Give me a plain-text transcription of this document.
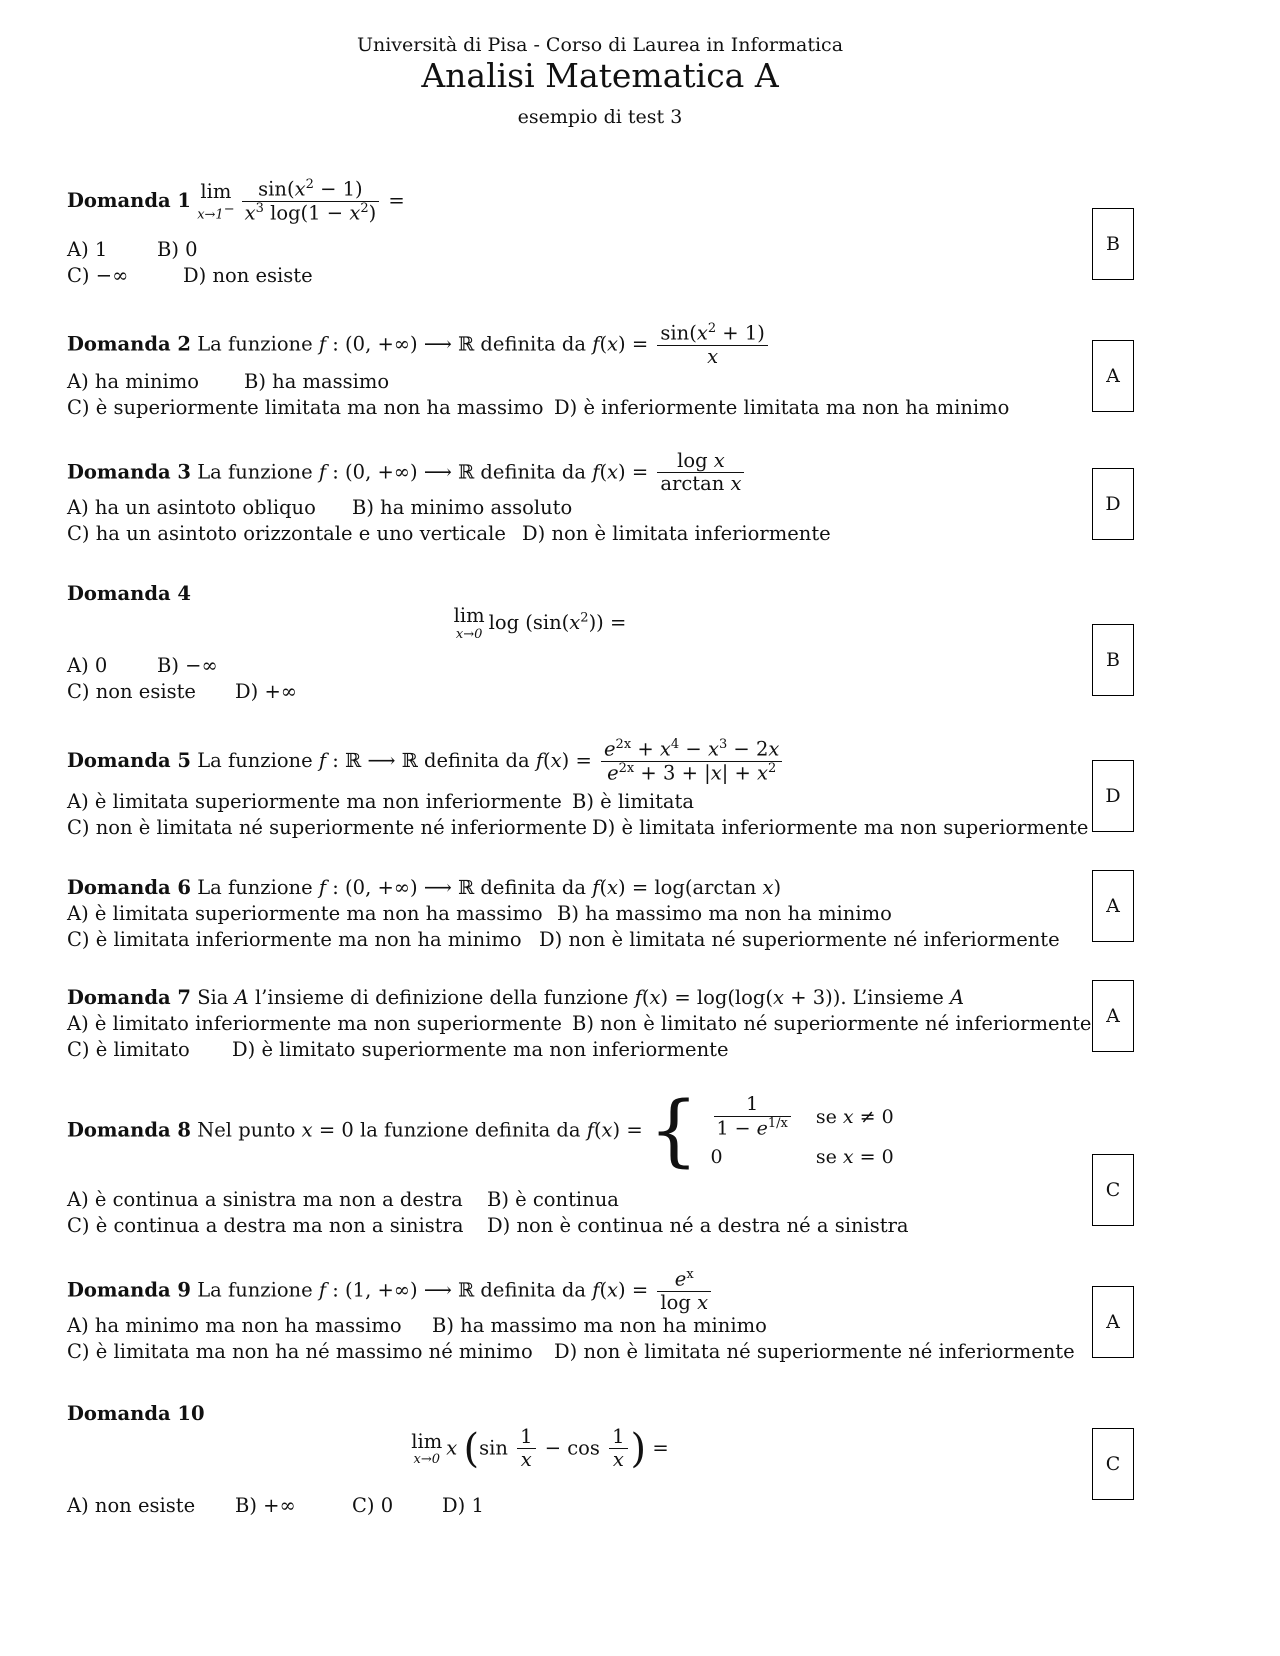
Università di Pisa - Corso di Laurea in Informatica
Analisi Matematica A
esempio di test 3
Domanda 1 lim
$x\to 1^- \frac{\sin(x^2 - 1)}{x^3 \log(1 - x^2)}$ =
A) 1	B) 0
C) −∞	D) non esiste
B
Domanda 2 La funzione f : (0, +∞) ⟶ ℝ definita da $f(x) = \frac{\sin(x^2 + 1)}{x}$
A) ha minimo B) ha massimo
C) è superiormente limitata ma non ha massimo D) è inferiormente limitata ma non ha minimo
A
Domanda 3 La funzione f : (0, +∞) ⟶ ℝ definita da $f(x) = \frac{\text{log x}}{\text{arctan x}}$
A) ha un asintoto obliquo B) ha minimo assoluto
C) ha un asintoto orizzontale e uno verticale D) non è limitata inferiormente
D
Domanda 4
lim
x→0
$\log (\sin(x^2))$ =
A) 0	B) −∞
C) non esiste D) +∞
B
Domanda 5 La funzione f : ℝ ⟶ ℝ definita da $f(x) = \frac{e^{2x} + x^4 - x^3 - 2x}{e^{2x} + 3 + |x| + x^2}$
A) è limitata superiormente ma non inferiormente B) è limitata
C) non è limitata né superiormente né inferiormente D) è limitata inferiormente ma non superiormente
D
Domanda 6 La funzione f : (0, +∞) ⟶ ℝ definita da f(x) = log(arctan x)
A) è limitata superiormente ma non ha massimo B) ha massimo ma non ha minimo
C) è limitata inferiormente ma non ha minimo D) non è limitata né superiormente né inferiormente
A
Domanda 7 Sia A l’insieme di definizione della funzione f(x) = log(log(x + 3)). L’insieme A
A) è limitato inferiormente ma non superiormente B) non è limitato né superiormente né inferiormente
C) è limitato D) è limitato superiormente ma non inferiormente
A
Domanda 8 Nel punto x = 0 la funzione definita da f(x) = { $\frac{1}{1 - e^{1/x}}$	se x ≠ 0
0	se x = 0
A) è continua a sinistra ma non a destra B) è continua
C) è continua a destra ma non a sinistra D) non è continua né a destra né a sinistra
C
Domanda 9 La funzione f : (1, +∞) ⟶ ℝ definita da $f(x) = \frac{e^x}{\text{log x}}$
A) ha minimo ma non ha massimo B) ha massimo ma non ha minimo
C) è limitata ma non ha né massimo né minimo D) non è limitata né superiormente né inferiormente
A
Domanda 10
lim
x→0
x ($\sin \frac{1}{x} - \cos \frac{1}{x}$ ) =
A) non esiste B) +∞	C) 0	D) 1
C
